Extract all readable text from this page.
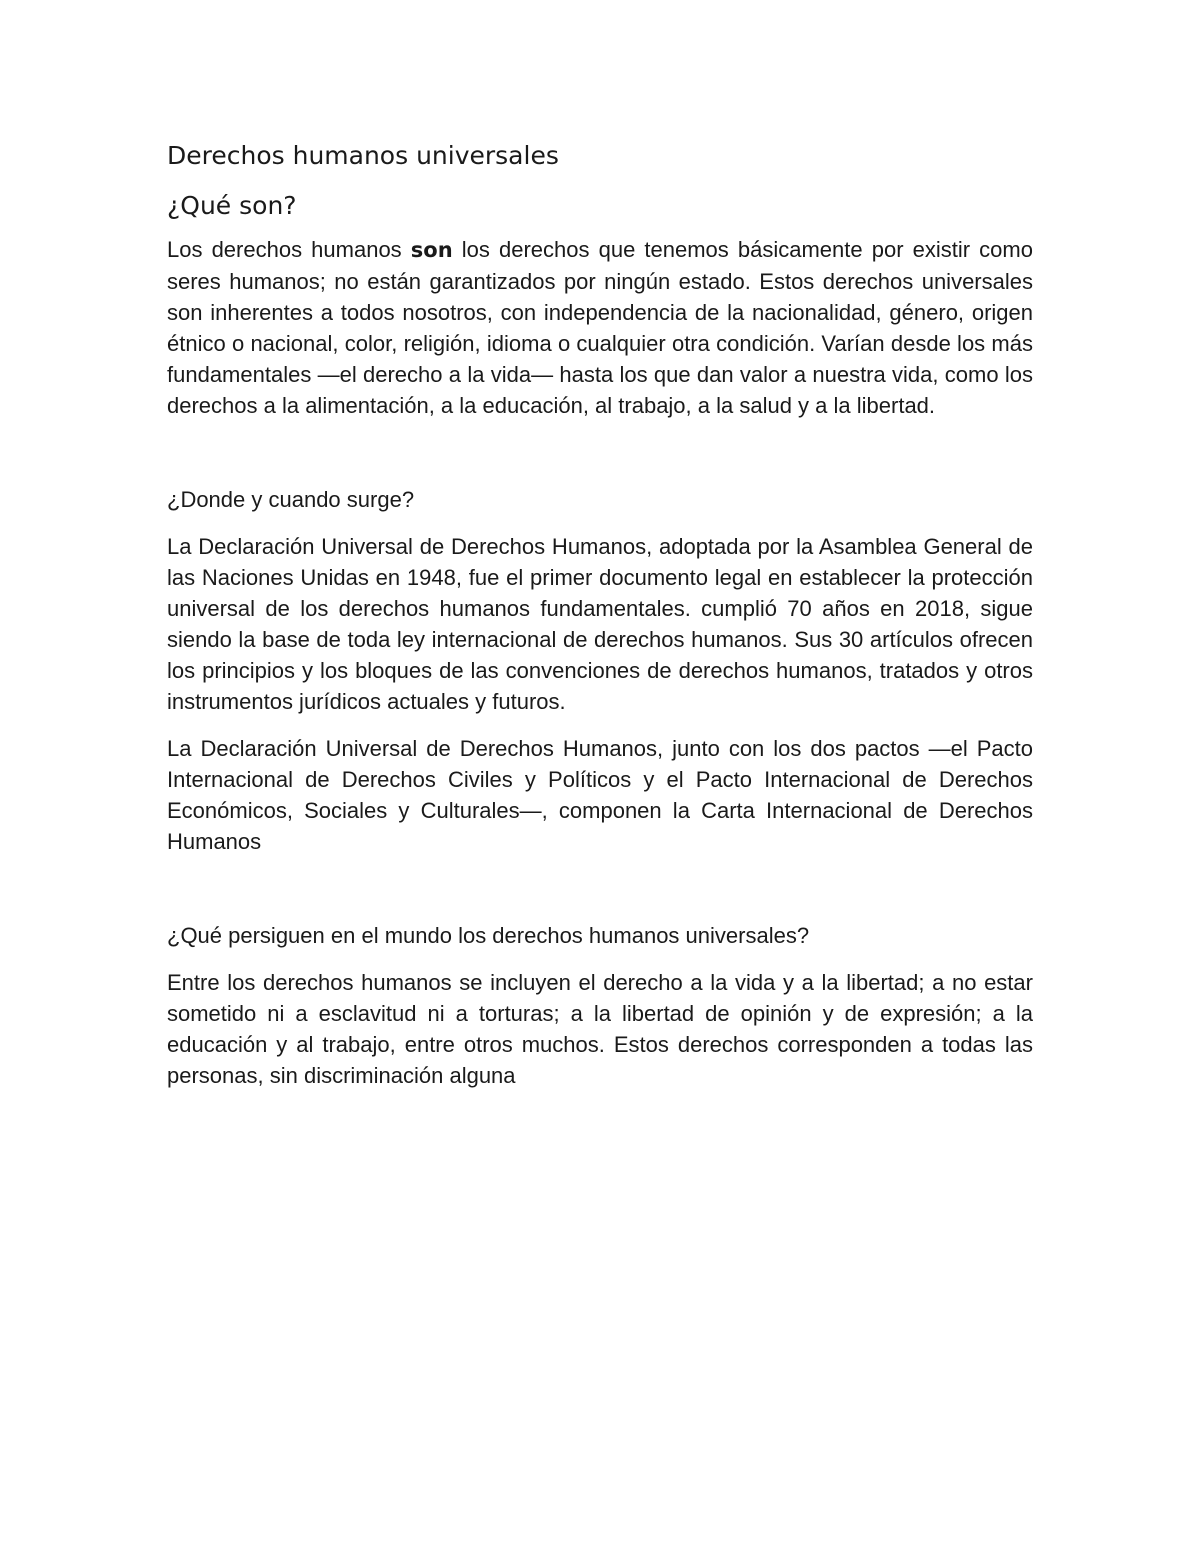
Derechos humanos universales
¿Qué son?

Los derechos humanos son los derechos que tenemos básicamente por existir como seres humanos; no están garantizados por ningún estado. Estos derechos universales son inherentes a todos nosotros, con independencia de la nacionalidad, género, origen étnico o nacional, color, religión, idioma o cualquier otra condición. Varían desde los más fundamentales —el derecho a la vida— hasta los que dan valor a nuestra vida, como los derechos a la alimentación, a la educación, al trabajo, a la salud y a la libertad.

¿Donde y cuando surge?

La Declaración Universal de Derechos Humanos, adoptada por la Asamblea General de las Naciones Unidas en 1948, fue el primer documento legal en establecer la protección universal de los derechos humanos fundamentales. cumplió 70 años en 2018, sigue siendo la base de toda ley internacional de derechos humanos. Sus 30 artículos ofrecen los principios y los bloques de las convenciones de derechos humanos, tratados y otros instrumentos jurídicos actuales y futuros.

La Declaración Universal de Derechos Humanos, junto con los dos pactos —el Pacto Internacional de Derechos Civiles y Políticos y el Pacto Internacional de Derechos Económicos, Sociales y Culturales—, componen la Carta Internacional de Derechos Humanos

¿Qué persiguen en el mundo los derechos humanos universales?

Entre los derechos humanos se incluyen el derecho a la vida y a la libertad; a no estar sometido ni a esclavitud ni a torturas; a la libertad de opinión y de expresión; a la educación y al trabajo, entre otros muchos. Estos derechos corresponden a todas las personas, sin discriminación alguna
